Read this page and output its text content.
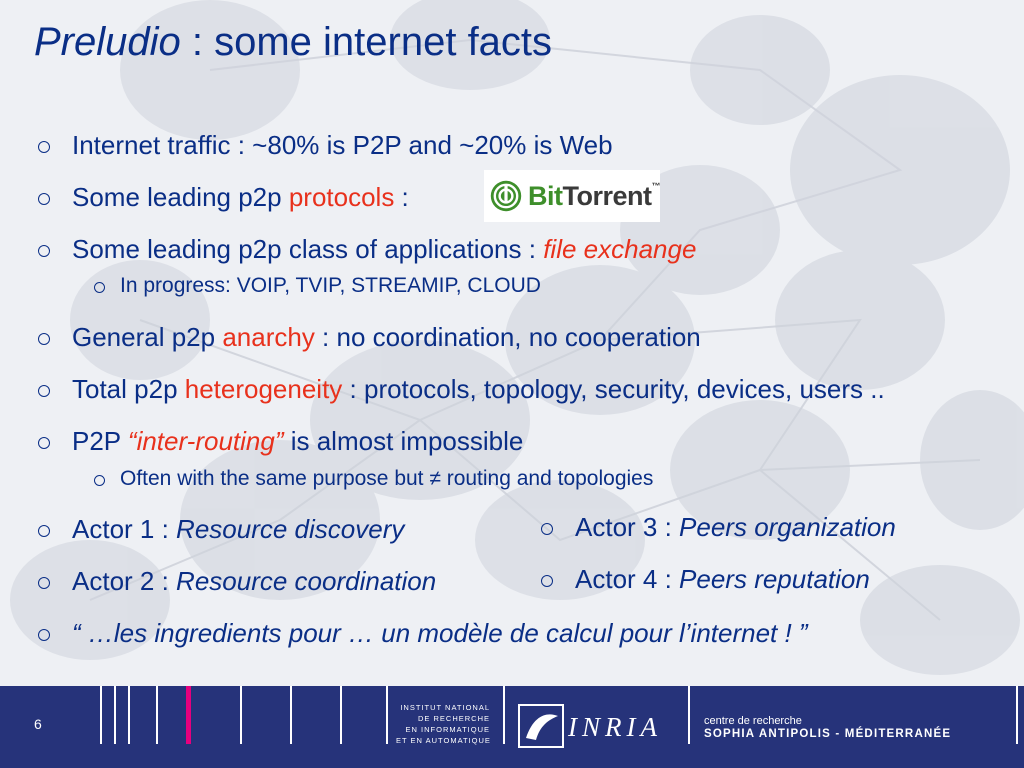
Preludio : some internet facts
Internet traffic : ~80% is P2P and ~20% is Web
Some leading p2p protocols :	BitTorrent™
Some leading p2p class of applications : file exchange
In progress: VOIP, TVIP, STREAMIP, CLOUD
General p2p anarchy : no coordination, no cooperation
Total p2p heterogeneity : protocols, topology, security, devices, users ..
P2P “inter-routing” is almost impossible
Often with the same purpose but ≠ routing and topologies
Actor 1 : Resource discovery
Actor 2 : Resource coordination
Actor 3 : Peers organization
Actor 4 : Peers reputation
“ …les ingredients pour … un modèle de calcul pour l’internet ! ”
6
INSTITUT NATIONAL
DE RECHERCHE
EN INFORMATIQUE
ET EN AUTOMATIQUE	INRIA	centre de recherche
SOPHIA ANTIPOLIS - MÉDITERRANÉE
